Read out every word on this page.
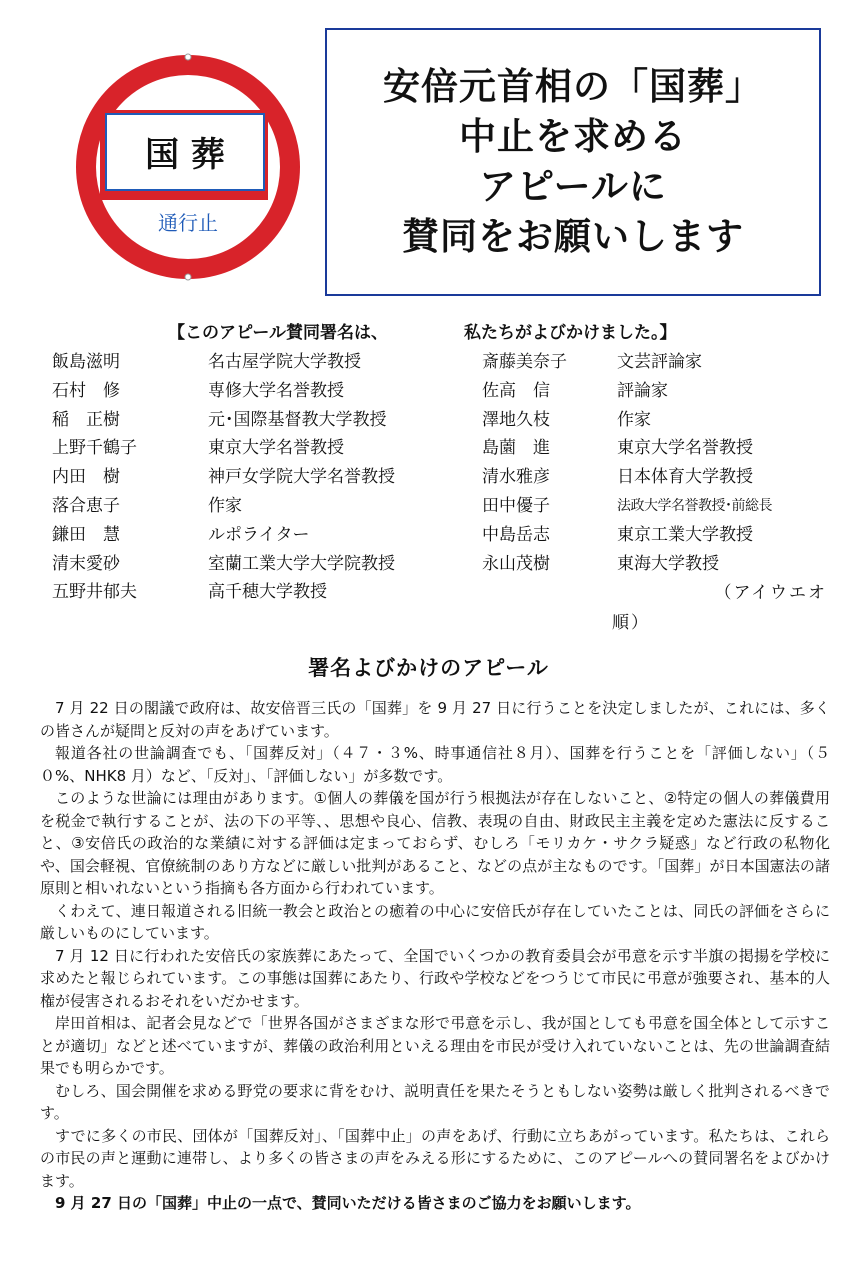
国 葬
通行止
安倍元首相の「国葬」
中止を求める
アピールに
賛同をお願いします
【このアピール賛同署名は、	私たちがよびかけました。】
飯島滋明	名古屋学院大学教授
石村　修	専修大学名誉教授
稲　正樹	元･国際基督教大学教授
上野千鶴子	東京大学名誉教授
内田　樹	神戸女学院大学名誉教授
落合恵子	作家
鎌田　慧	ルポライター
清末愛砂	室蘭工業大学大学院教授
五野井郁夫	高千穂大学教授
斎藤美奈子	文芸評論家
佐高　信	評論家
澤地久枝	作家
島薗　進	東京大学名誉教授
清水雅彦	日本体育大学教授
田中優子	法政大学名誉教授･前総長
中島岳志	東京工業大学教授
永山茂樹	東海大学教授
（アイウエオ
順）
署名よびかけのアピール

7 月 22 日の閣議で政府は、故安倍晋三氏の「国葬」を 9 月 27 日に行うことを決定しましたが、これには、多くの皆さんが疑問と反対の声をあげています。

報道各社の世論調査でも、「国葬反対」（４７・３%、時事通信社８月）、国葬を行うことを「評価しない」（５０%、NHK8 月）など、「反対」、「評価しない」が多数です。

このような世論には理由があります。①個人の葬儀を国が行う根拠法が存在しないこと、②特定の個人の葬儀費用を税金で執行することが、法の下の平等、、思想や良心、信教、表現の自由、財政民主主義を定めた憲法に反すること、③安倍氏の政治的な業績に対する評価は定まっておらず、むしろ「モリカケ・サクラ疑惑」など行政の私物化や、国会軽視、官僚統制のあり方などに厳しい批判があること、などの点が主なものです。「国葬」が日本国憲法の諸原則と相いれないという指摘も各方面から行われています。

くわえて、連日報道される旧統一教会と政治との癒着の中心に安倍氏が存在していたことは、同氏の評価をさらに厳しいものにしています。

7 月 12 日に行われた安倍氏の家族葬にあたって、全国でいくつかの教育委員会が弔意を示す半旗の掲揚を学校に求めたと報じられています。この事態は国葬にあたり、行政や学校などをつうじて市民に弔意が強要され、基本的人権が侵害されるおそれをいだかせます。

岸田首相は、記者会見などで「世界各国がさまざまな形で弔意を示し、我が国としても弔意を国全体として示すことが適切」などと述べていますが、葬儀の政治利用といえる理由を市民が受け入れていないことは、先の世論調査結果でも明らかです。

むしろ、国会開催を求める野党の要求に背をむけ、説明責任を果たそうともしない姿勢は厳しく批判されるべきです。

すでに多くの市民、団体が「国葬反対」、「国葬中止」の声をあげ、行動に立ちあがっています。私たちは、これらの市民の声と運動に連帯し、より多くの皆さまの声をみえる形にするために、このアピールへの賛同署名をよびかけます。

9 月 27 日の「国葬」中止の一点で、賛同いただける皆さまのご協力をお願いします。
